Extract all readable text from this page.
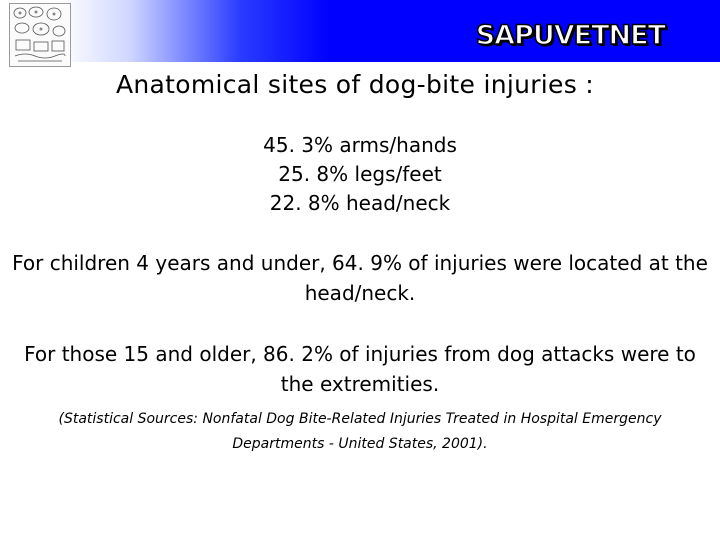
SAPUVETNET
Anatomical sites of dog-bite injuries :
45. 3% arms/hands
25. 8% legs/feet
22. 8% head/neck
For children 4 years and under, 64. 9% of injuries were located at the head/neck.
For those 15 and older, 86. 2% of injuries from dog attacks were to the extremities.
(Statistical Sources: Nonfatal Dog Bite-Related Injuries Treated in Hospital Emergency Departments - United States, 2001).
